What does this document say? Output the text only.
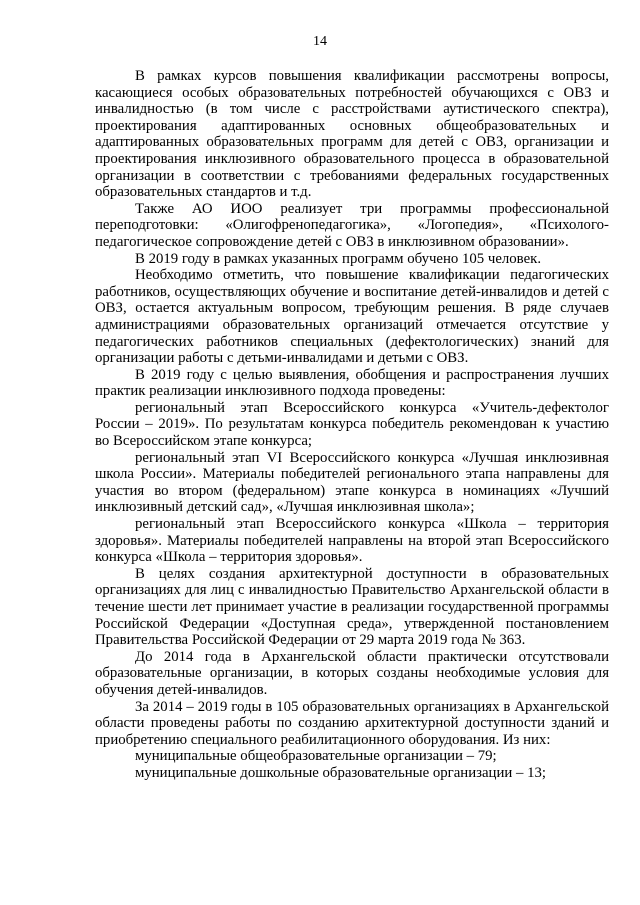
14

В рамках курсов повышения квалификации рассмотрены вопросы, касающиеся особых образовательных потребностей обучающихся с ОВЗ и инвалидностью (в том числе с расстройствами аутистического спектра), проектирования адаптированных основных общеобразовательных и адаптированных образовательных программ для детей с ОВЗ, организации и проектирования инклюзивного образовательного процесса в образовательной организации в соответствии с требованиями федеральных государственных образовательных стандартов и т.д.

Также АО ИОО реализует три программы профессиональной переподготовки: «Олигофренопедагогика», «Логопедия», «Психолого-педагогическое сопровождение детей с ОВЗ в инклюзивном образовании».

В 2019 году в рамках указанных программ обучено 105 человек.

Необходимо отметить, что повышение квалификации педагогических работников, осуществляющих обучение и воспитание детей-инвалидов и детей с ОВЗ, остается актуальным вопросом, требующим решения. В ряде случаев администрациями образовательных организаций отмечается отсутствие у педагогических работников специальных (дефектологических) знаний для организации работы с детьми-инвалидами и детьми с ОВЗ.

В 2019 году с целью выявления, обобщения и распространения лучших практик реализации инклюзивного подхода проведены:

региональный этап Всероссийского конкурса «Учитель-дефектолог России – 2019». По результатам конкурса победитель рекомендован к участию во Всероссийском этапе конкурса;

региональный этап VI Всероссийского конкурса «Лучшая инклюзивная школа России». Материалы победителей регионального этапа направлены для участия во втором (федеральном) этапе конкурса в номинациях «Лучший инклюзивный детский сад», «Лучшая инклюзивная школа»;

региональный этап Всероссийского конкурса «Школа – территория здоровья». Материалы победителей направлены на второй этап Всероссийского конкурса «Школа – территория здоровья».

В целях создания архитектурной доступности в образовательных организациях для лиц с инвалидностью Правительство Архангельской области в течение шести лет принимает участие в реализации государственной программы Российской Федерации «Доступная среда», утвержденной постановлением Правительства Российской Федерации от 29 марта 2019 года № 363.

До 2014 года в Архангельской области практически отсутствовали образовательные организации, в которых созданы необходимые условия для обучения детей-инвалидов.

За 2014 – 2019 годы в 105 образовательных организациях в Архангельской области проведены работы по созданию архитектурной доступности зданий и приобретению специального реабилитационного оборудования. Из них:

муниципальные общеобразовательные организации – 79;

муниципальные дошкольные образовательные организации – 13;
